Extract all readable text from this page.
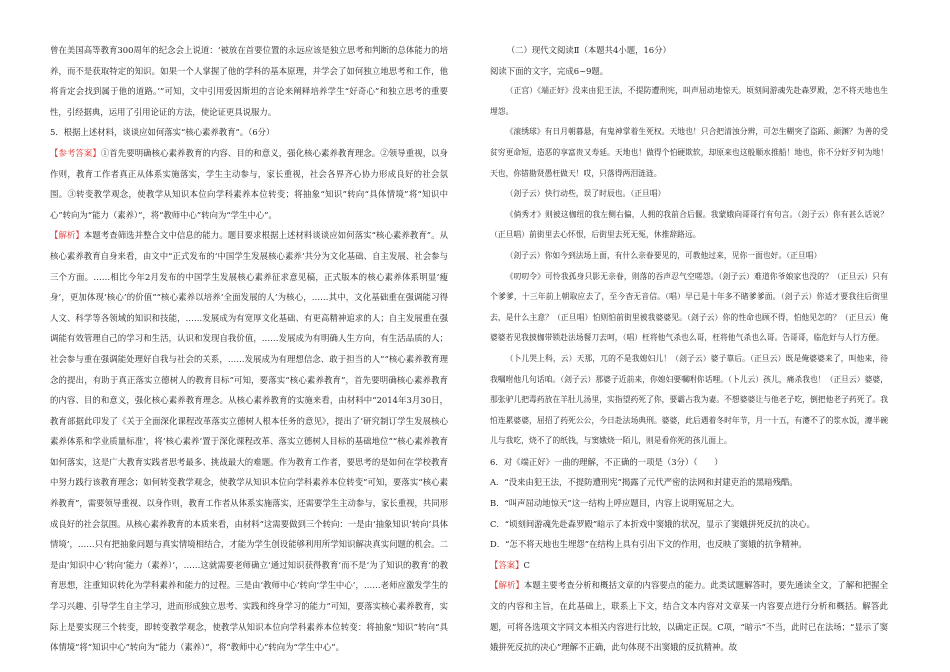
曾在美国高等教育300周年的纪念会上说道：‘被放在首要位置的永远应该是独立思考和判断的总体能力的培养，而不是获取特定的知识。如果一个人掌握了他的学科的基本原理，并学会了如何独立地思考和工作，他将肯定会找到属于他的道路。’”可知，文中引用爱因斯坦的言论来阐释培养学生“好奇心”和独立思考的重要性，引经据典，运用了引用论证的方法，使论证更具说服力。

5．根据上述材料，谈谈应如何落实“核心素养教育”。（6分）

【参考答案】①首先要明确核心素养教育的内容、目的和意义，强化核心素养教育理念。②领导重视，以身作则，教育工作者真正从体系实施落实，学生主动参与，家长重视，社会各界齐心协力形成良好的社会氛围。③转变教学观念，使教学从知识本位向学科素养本位转变；将抽象“知识”转向“具体情境”将“知识中心”转向为“能力（素养）”，将“教师中心”转向为“学生中心”。

【解析】本题考查筛选并整合文中信息的能力。题目要求根据上述材料谈谈应如何落实“核心素养教育”。从核心素养教育自身来看，由文中“正式发布的‘中国学生发展核心素养’共分为文化基础、自主发展、社会参与三个方面。……相比今年2月发布的中国学生发展核心素养征求意见稿，正式版本的核心素养体系明显‘瘦身’，更加体现‘核心’的价值”“核心素养以培养‘全面发展的人’为核心，……其中，文化基础重在强调能习得人文、科学等各领域的知识和技能，……发展成为有宽厚文化基础、有更高精神追求的人；自主发展重在强调能有效管理自己的学习和生活，认识和发现自我价值，……发展成为有明确人生方向，有生活品质的人；社会参与重在强调能处理好自我与社会的关系，……发展成为有理想信念、敢于担当的人”“核心素养教育理念的提出，有助于真正落实立德树人的教育目标”可知，要落实“核心素养教育”，首先要明确核心素养教育的内容、目的和意义，强化核心素养教育理念。从核心素养教育的实施来看，由材料中“2014年3月30日，教育部据此印发了《关于全面深化课程改革落实立德树人根本任务的意见》，提出了‘研究制订学生发展核心素养体系和学业质量标准’，将‘核心素养’置于深化课程改革、落实立德树人目标的基础地位”“核心素养教育如何落实，这是广大教育实践者思考最多、挑战最大的难题。作为教育工作者，要思考的是如何在学校教育中努力践行该教育理念；如何转变教学观念，使教学从知识本位向学科素养本位转变”可知，要落实“核心素养教育”，需要领导重视、以身作则，教育工作者从体系实施落实，还需要学生主动参与，家长重视，共同形成良好的社会氛围。从核心素养教育的本质来看，由材料“这需要做到三个转向：一是由‘抽象知识’转向‘具体情境’，……只有把抽象问题与真实情境相结合，才能为学生创设能够利用所学知识解决真实问题的机会。二是由‘知识中心’转向‘能力（素养）’，……这就需要老师确立‘通过知识获得教育’而不是‘为了知识的教育’的教育思想，注重知识转化为学科素养和能力的过程。三是由‘教师中心’转向‘学生中心’，……老师应激发学生的学习兴趣、引导学生自主学习，进而形成独立思考、实践和终身学习的能力”可知，要落实核心素养教育，实际上是要实现三个转变，即转变教学观念，使教学从知识本位向学科素养本位转变：将抽象“知识”转向“具体情境”将“知识中心”转向为“能力（素养）”，将“教师中心”转向为“学生中心”。

（二）现代文阅读Ⅱ（本题共4小题，16分）

阅读下面的文字，完成6~9题。

（正宫）《端正好》没来由犯王法，不提防遭刑宪，叫声屈动地惊天。顷刻间游魂先赴森罗殿，怎不将天地也生埋怨。

《滚绣球》有日月朝暮悬，有鬼神掌着生死权。天地也！只合把清浊分辨，可怎生糊突了盗跖、颜渊？为善的受贫穷更命短，造恶的享富贵又寿延。天地也！做得个怕硬欺软，却原来也这般顺水推船！地也，你不分好歹何为地！天也，你错勘贤愚枉做天！哎，只落得两泪涟涟。

（刽子云）快行动些，误了时辰也。（正旦唱）

《倘秀才》则被这枷纽的我左侧右偏，人拥的我前合后偃。我蒙娥向哥哥行有句言。（刽子云）你有甚么话说？（正旦唱）前街里去心怀恨，后街里去死无冤，休推辞路远。

（刽子云）你如今到法场上面，有什么亲眷要见的，可教他过来，见你一面也好。（正旦唱）

《叨叨令》可怜我孤身只影无亲眷，则落的吞声忍气空嗟怨。（刽子云）难道你爷娘家也没的？（正旦云）只有个爹爹，十三年前上朝取应去了，至今杳无音信。（唱）早已是十年多不睹爹爹面。（刽子云）你适才要我往后街里去，是什么主意？（正旦唱）怕则怕前街里被我婆婆见。（刽子云）你的性命也顾不得，怕他见怎的？（正旦云）俺婆婆若见我披枷带锁赴法场餐刀去呵，（唱）枉将他气杀也么哥，枉将他气杀也么哥。告哥哥，临危好与人行方便。

（卜儿哭上科，云）天那，兀的不是我媳妇儿！（刽子云）婆子靠后。（正旦云）既是俺婆婆来了，叫他来，待我嘱咐他几句话咱。（刽子云）那婆子近前来，你媳妇要嘱咐你话哩。（卜儿云）孩儿，痛杀我也！（正旦云）婆婆，那张驴儿把毒药放在羊肚儿汤里，实指望药死了你，要霸占我为妻。不想婆婆让与他老子吃，倒把他老子药死了。我怕连累婆婆，屈招了药死公公，今日赴法场典刑。婆婆，此后遇着冬时年节，月一十五，有瀽不了的浆水饭，瀽半碗儿与我吃，烧不了的纸钱，与窦娥烧一陌儿，则是看你死的孩儿面上。

6．对《端正好》一曲的理解，不正确的一项是（3分）（　　）

A．“没来由犯王法，不提防遭刑宪”揭露了元代严密的法网和封建吏治的黑暗残酷。

B．“叫声屈动地惊天”这一结构上呼应题目，内容上说明冤屈之大。

C．“顷刻间游魂先赴森罗殿”暗示了本折戏中窦娥的状况，显示了窦娥拼死反抗的决心。

D．“怎不将天地也生埋怨”在结构上具有引出下文的作用，也反映了窦娥的抗争精神。

【答案】C

【解析】本题主要考查分析和概括文章的内容要点的能力。此类试题解答时，要先通读全文，了解和把握全文的内容和主旨，在此基础上，联系上下文，结合文本内容对文章某一内容要点进行分析和概括。解答此题，可将各选项文字同文本相关内容进行比较，以确定正误。C项，“暗示”不当，此时已在法场；“显示了窦娥拼死反抗的决心”理解不正确，此句体现不出窦娥的反抗精神。故
